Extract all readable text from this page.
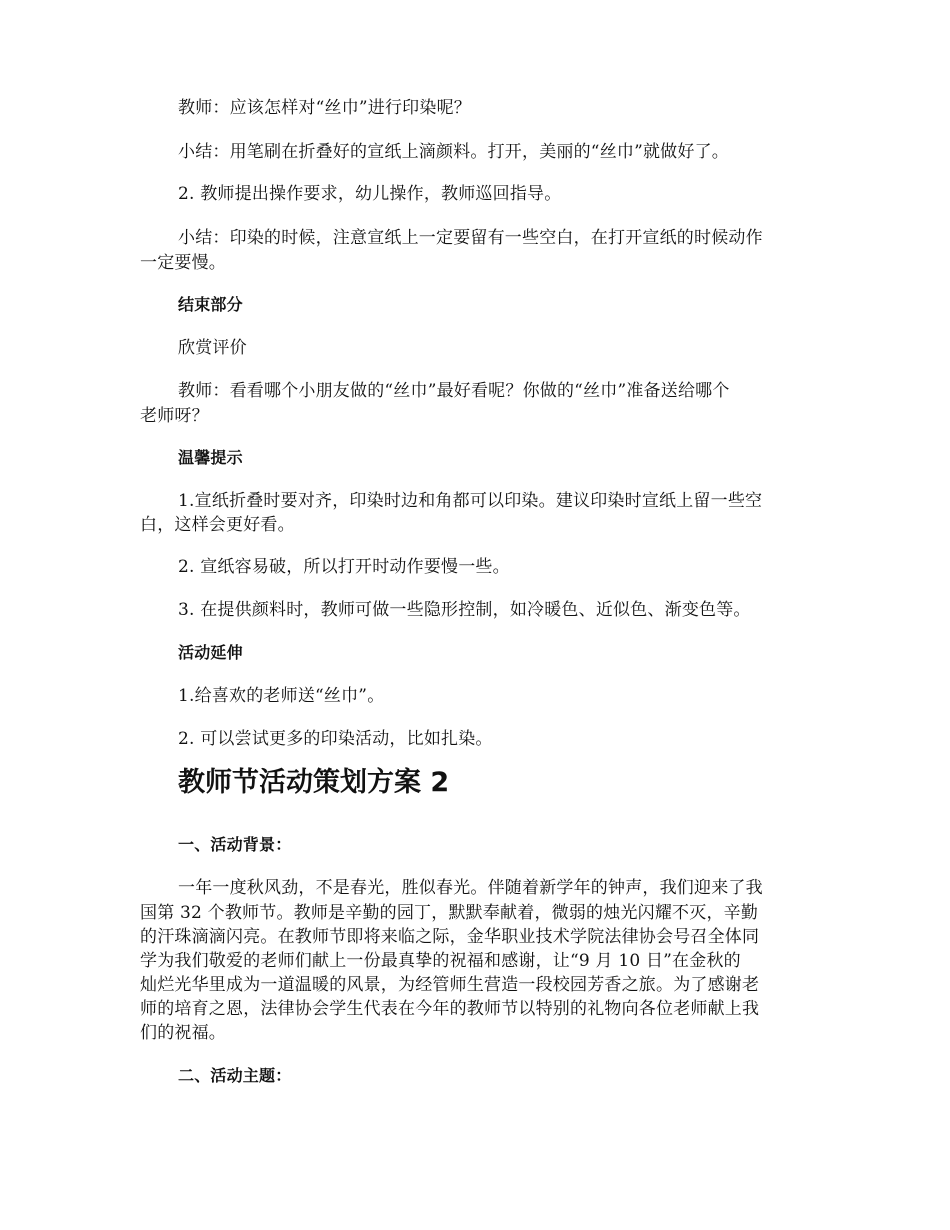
教师：应该怎样对“丝巾”进行印染呢？
小结：用笔刷在折叠好的宣纸上滴颜料。打开，美丽的“丝巾”就做好了。
2. 教师提出操作要求，幼儿操作，教师巡回指导。
小结：印染的时候，注意宣纸上一定要留有一些空白，在打开宣纸的时候动作
一定要慢。
结束部分
欣赏评价
教师：看看哪个小朋友做的“丝巾”最好看呢？你做的“丝巾”准备送给哪个
老师呀？
温馨提示
1.宣纸折叠时要对齐，印染时边和角都可以印染。建议印染时宣纸上留一些空
白，这样会更好看。
2. 宣纸容易破，所以打开时动作要慢一些。
3. 在提供颜料时，教师可做一些隐形控制，如冷暖色、近似色、渐变色等。
活动延伸
1.给喜欢的老师送“丝巾”。
2. 可以尝试更多的印染活动，比如扎染。
教师节活动策划方案 2
一、活动背景：
一年一度秋风劲，不是春光，胜似春光。伴随着新学年的钟声，我们迎来了我
国第 32 个教师节。教师是辛勤的园丁，默默奉献着，微弱的烛光闪耀不灭，辛勤
的汗珠滴滴闪亮。在教师节即将来临之际，金华职业技术学院法律协会号召全体同
学为我们敬爱的老师们献上一份最真挚的祝福和感谢，让“9 月 10 日”在金秋的
灿烂光华里成为一道温暖的风景，为经管师生营造一段校园芳香之旅。为了感谢老
师的培育之恩，法律协会学生代表在今年的教师节以特别的礼物向各位老师献上我
们的祝福。
二、活动主题：
